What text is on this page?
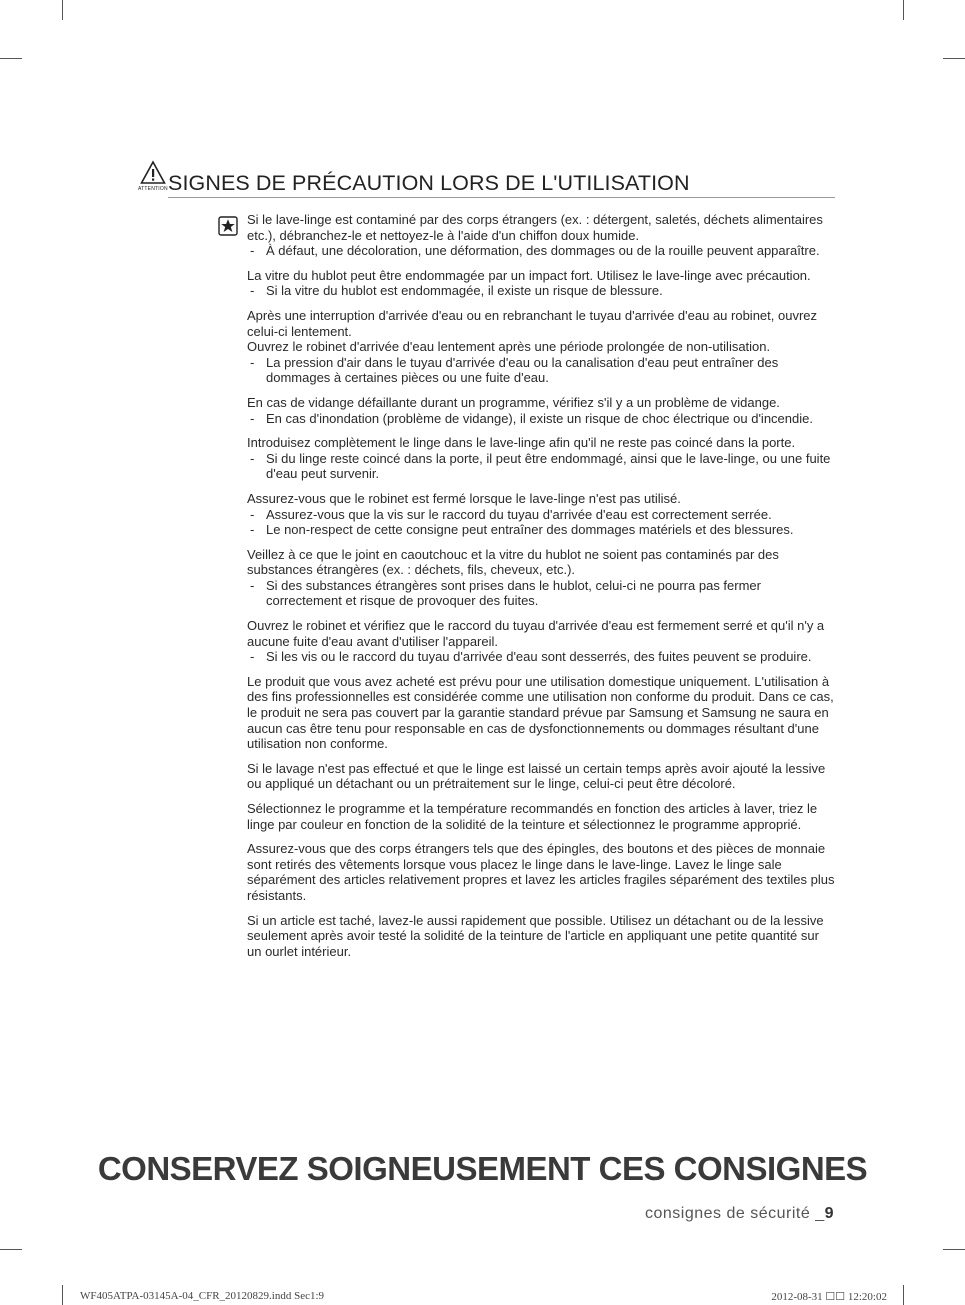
ATTENTION SIGNES DE PRÉCAUTION LORS DE L'UTILISATION

Si le lave-linge est contaminé par des corps étrangers (ex. : détergent, saletés, déchets alimentaires etc.), débranchez-le et nettoyez-le à l'aide d'un chiffon doux humide.

- À défaut, une décoloration, une déformation, des dommages ou de la rouille peuvent apparaître.

La vitre du hublot peut être endommagée par un impact fort. Utilisez le lave-linge avec précaution.

- Si la vitre du hublot est endommagée, il existe un risque de blessure.

Après une interruption d'arrivée d'eau ou en rebranchant le tuyau d'arrivée d'eau au robinet, ouvrez celui-ci lentement.

Ouvrez le robinet d'arrivée d'eau lentement après une période prolongée de non-utilisation.

- La pression d'air dans le tuyau d'arrivée d'eau ou la canalisation d'eau peut entraîner des dommages à certaines pièces ou une fuite d'eau.

En cas de vidange défaillante durant un programme, vérifiez s'il y a un problème de vidange.

- En cas d'inondation (problème de vidange), il existe un risque de choc électrique ou d'incendie.

Introduisez complètement le linge dans le lave-linge afin qu'il ne reste pas coincé dans la porte.

- Si du linge reste coincé dans la porte, il peut être endommagé, ainsi que le lave-linge, ou une fuite d'eau peut survenir.

Assurez-vous que le robinet est fermé lorsque le lave-linge n'est pas utilisé.

- Assurez-vous que la vis sur le raccord du tuyau d'arrivée d'eau est correctement serrée.

- Le non-respect de cette consigne peut entraîner des dommages matériels et des blessures.

Veillez à ce que le joint en caoutchouc et la vitre du hublot ne soient pas contaminés par des substances étrangères (ex. : déchets, fils, cheveux, etc.).

- Si des substances étrangères sont prises dans le hublot, celui-ci ne pourra pas fermer correctement et risque de provoquer des fuites.

Ouvrez le robinet et vérifiez que le raccord du tuyau d'arrivée d'eau est fermement serré et qu'il n'y a aucune fuite d'eau avant d'utiliser l'appareil.

- Si les vis ou le raccord du tuyau d'arrivée d'eau sont desserrés, des fuites peuvent se produire.

Le produit que vous avez acheté est prévu pour une utilisation domestique uniquement. L'utilisation à des fins professionnelles est considérée comme une utilisation non conforme du produit. Dans ce cas, le produit ne sera pas couvert par la garantie standard prévue par Samsung et Samsung ne saura en aucun cas être tenu pour responsable en cas de dysfonctionnements ou dommages résultant d'une utilisation non conforme.

Si le lavage n'est pas effectué et que le linge est laissé un certain temps après avoir ajouté la lessive ou appliqué un détachant ou un prétraitement sur le linge, celui-ci peut être décoloré.

Sélectionnez le programme et la température recommandés en fonction des articles à laver, triez le linge par couleur en fonction de la solidité de la teinture et sélectionnez le programme approprié.

Assurez-vous que des corps étrangers tels que des épingles, des boutons et des pièces de monnaie sont retirés des vêtements lorsque vous placez le linge dans le lave-linge. Lavez le linge sale séparément des articles relativement propres et lavez les articles fragiles séparément des textiles plus résistants.

Si un article est taché, lavez-le aussi rapidement que possible. Utilisez un détachant ou de la lessive seulement après avoir testé la solidité de la teinture de l'article en appliquant une petite quantité sur un ourlet intérieur.

CONSERVEZ SOIGNEUSEMENT CES CONSIGNES
consignes de sécurité _9
WF405ATPA-03145A-04_CFR_20120829.indd Sec1:9	2012-08-31 ☐☐ 12:20:02
